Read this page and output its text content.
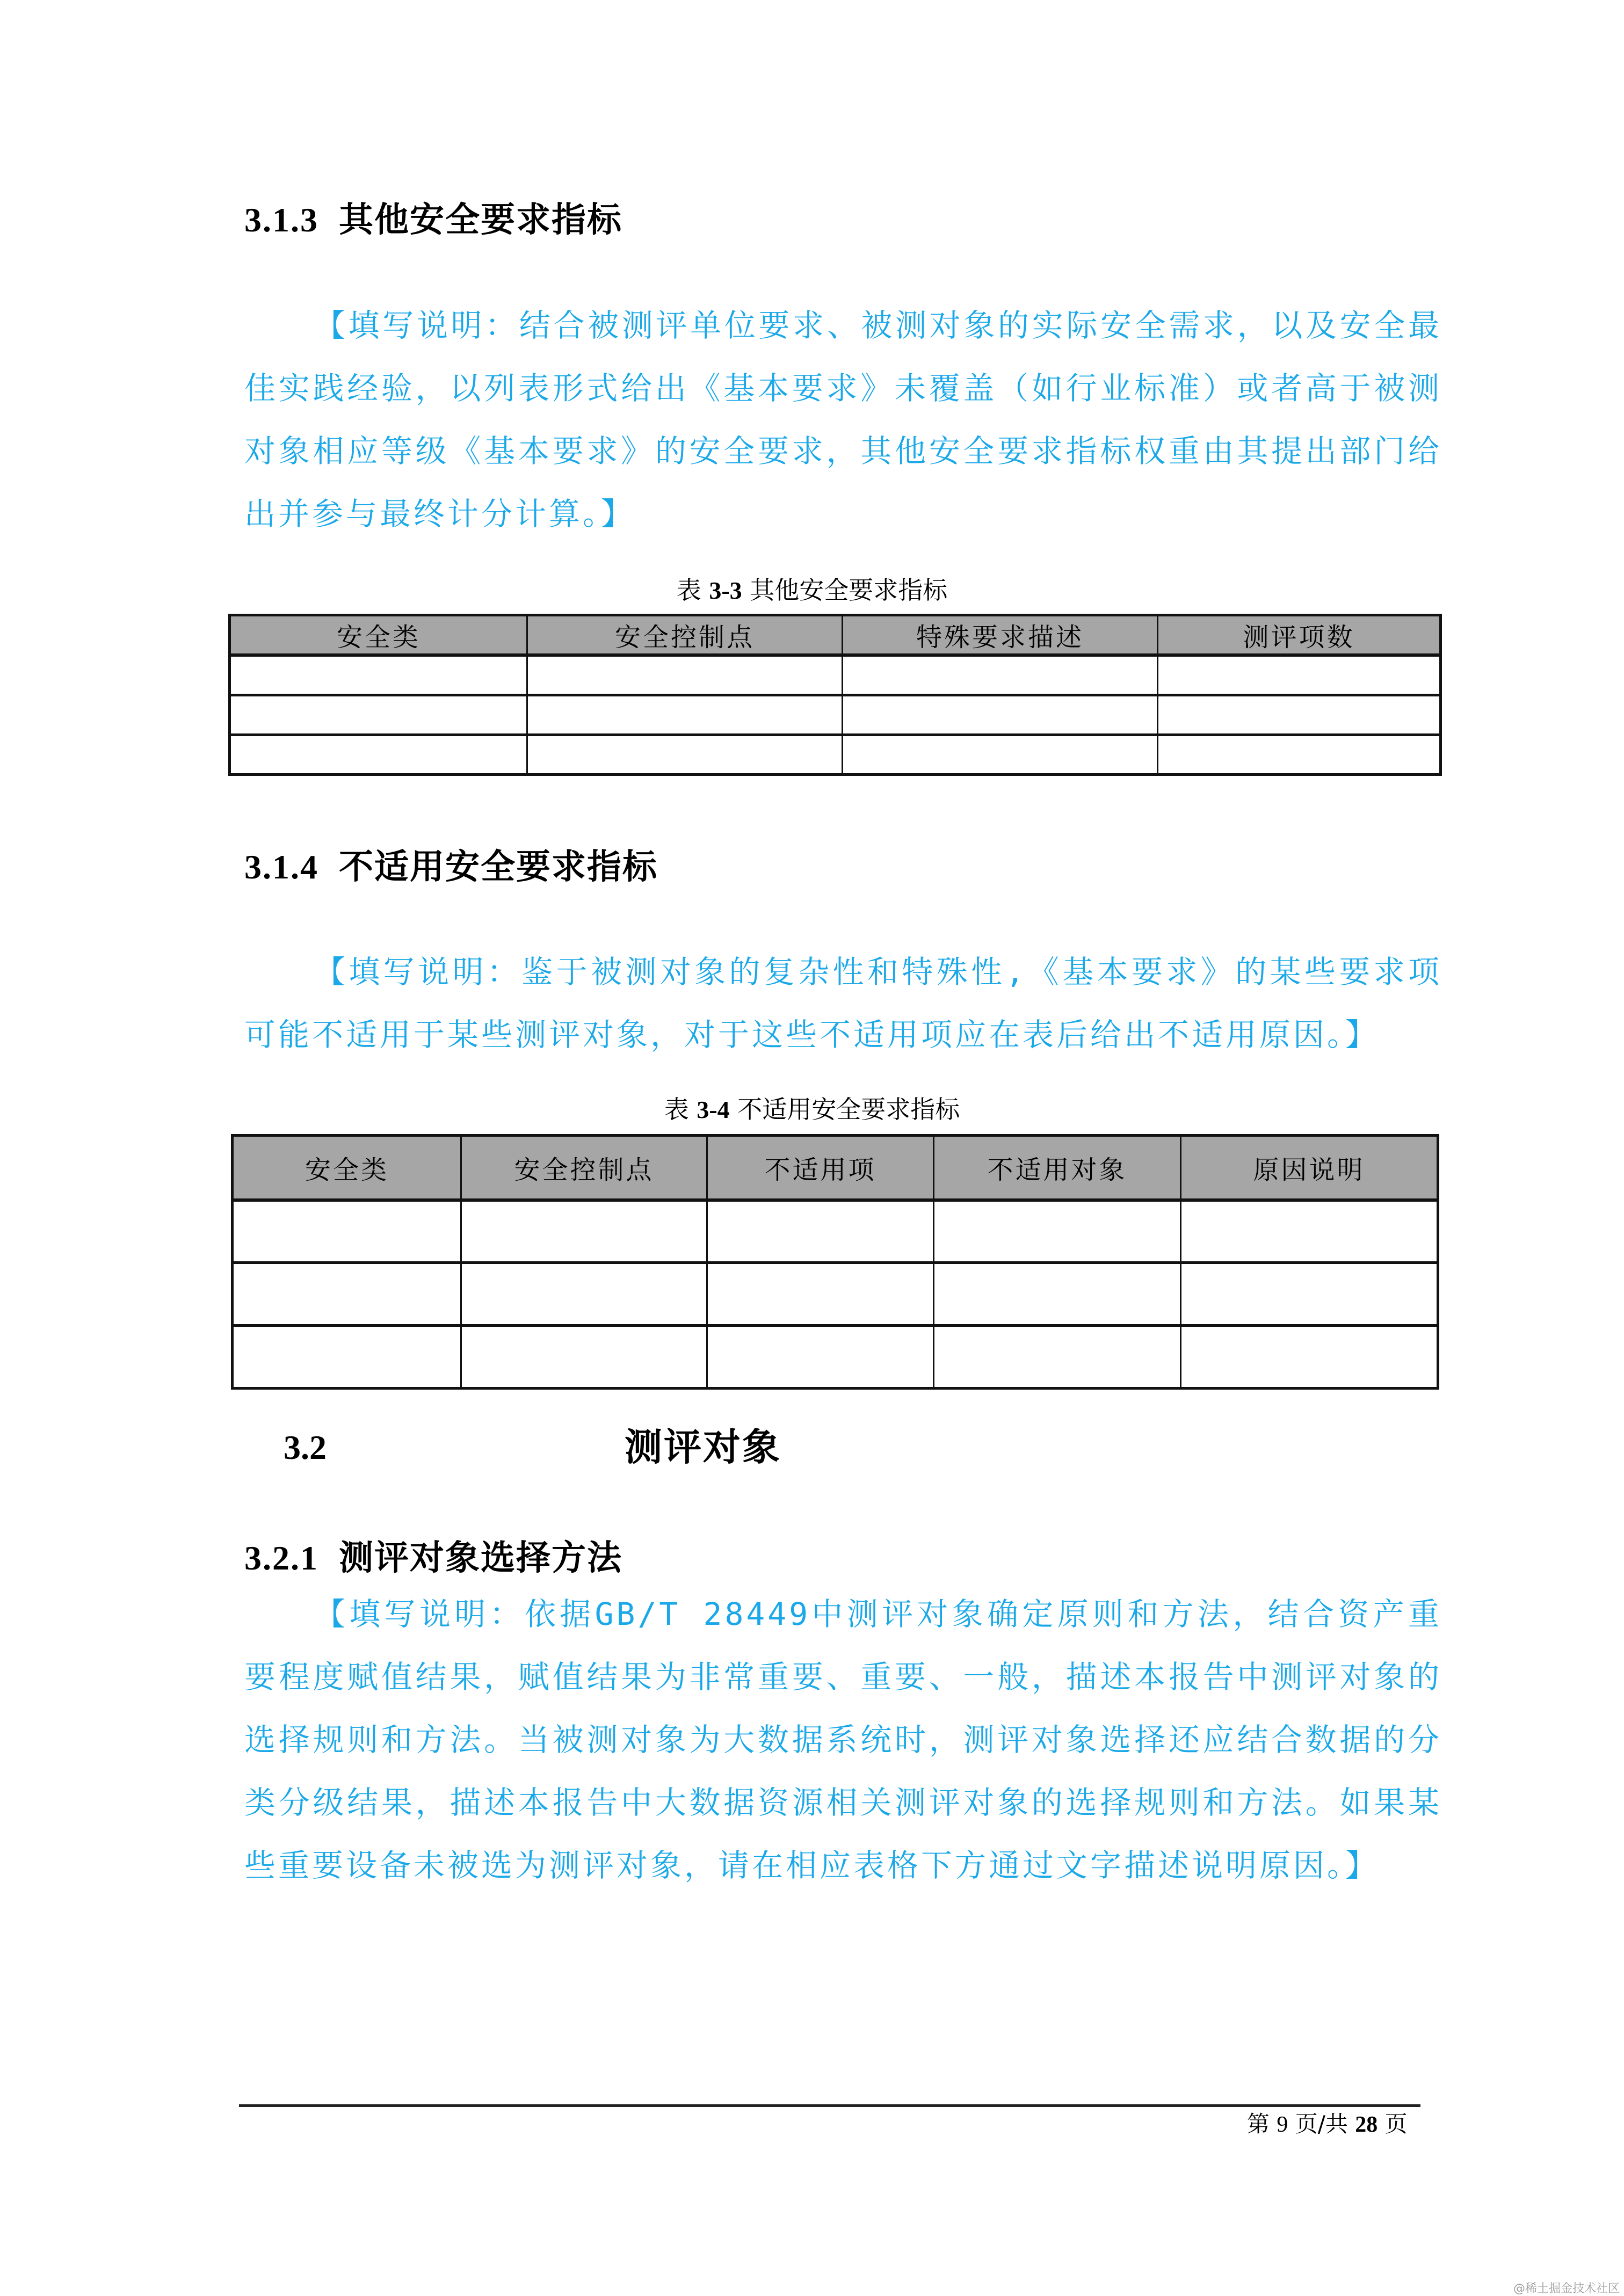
3.1.3 其他安全要求指标
【填写说明：结合被测评单位要求、被测对象的实际安全需求，以及安全最佳实践经验，以列表形式给出《基本要求》未覆盖（如行业标准）或者高于被测对象相应等级《基本要求》的安全要求，其他安全要求指标权重由其提出部门给出并参与最终计分计算。】
表 3-3 其他安全要求指标
安全类	安全控制点	特殊要求描述	测评项数

3.1.4 不适用安全要求指标
【填写说明：鉴于被测对象的复杂性和特殊性,《基本要求》的某些要求项可能不适用于某些测评对象，对于这些不适用项应在表后给出不适用原因。】
表 3-4 不适用安全要求指标
安全类	安全控制点	不适用项	不适用对象	原因说明

3.2	测评对象
3.2.1 测评对象选择方法
【填写说明：依据GB/T 28449中测评对象确定原则和方法，结合资产重要程度赋值结果，赋值结果为非常重要、重要、一般，描述本报告中测评对象的选择规则和方法。当被测对象为大数据系统时，测评对象选择还应结合数据的分类分级结果，描述本报告中大数据资源相关测评对象的选择规则和方法。如果某些重要设备未被选为测评对象，请在相应表格下方通过文字描述说明原因。】
第 9 页/共 28 页
@稀土掘金技术社区
